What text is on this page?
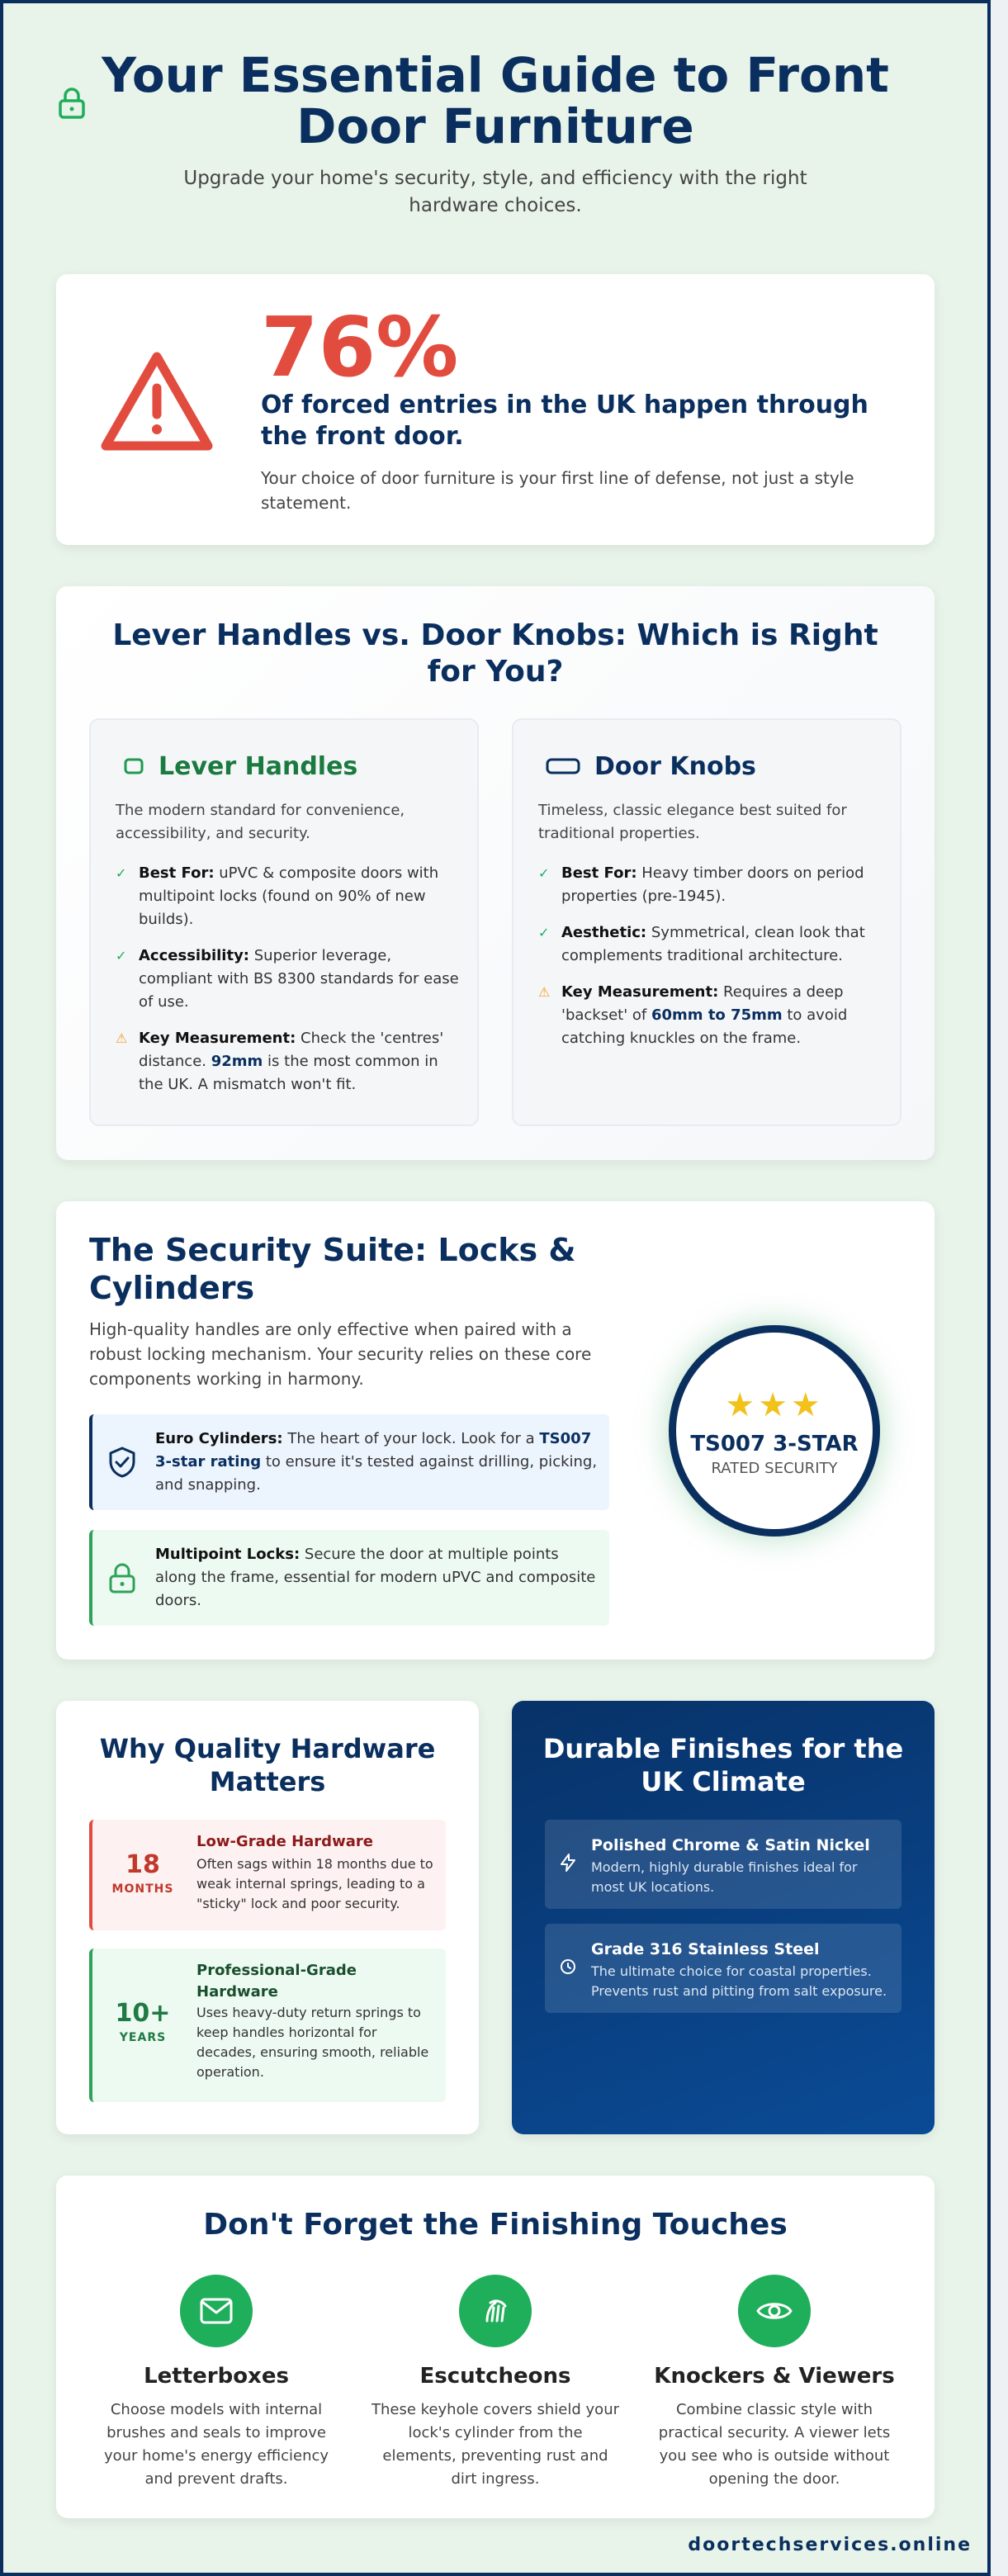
Your Essential Guide to Front Door Furniture

Upgrade your home's security, style, and efficiency with the right hardware choices.

76%
Of forced entries in the UK happen through the front door.
Your choice of door furniture is your first line of defense, not just a style statement.
Lever Handles vs. Door Knobs: Which is Right for You?
Lever Handles

The modern standard for convenience, accessibility, and security.

✓ Best For: uPVC & composite doors with multipoint locks (found on 90% of new builds).
✓ Accessibility: Superior leverage, compliant with BS 8300 standards for ease of use.
⚠ Key Measurement: Check the 'centres' distance. 92mm is the most common in the UK. A mismatch won't fit.
Door Knobs

Timeless, classic elegance best suited for traditional properties.

✓ Best For: Heavy timber doors on period properties (pre-1945).
✓ Aesthetic: Symmetrical, clean look that complements traditional architecture.
⚠ Key Measurement: Requires a deep 'backset' of 60mm to 75mm to avoid catching knuckles on the frame.
The Security Suite: Locks & Cylinders

High-quality handles are only effective when paired with a robust locking mechanism. Your security relies on these core components working in harmony.

Euro Cylinders: The heart of your lock. Look for a TS007 3-star rating to ensure it's tested against drilling, picking, and snapping.
Multipoint Locks: Secure the door at multiple points along the frame, essential for modern uPVC and composite doors.
★★★
TS007 3-STAR
RATED SECURITY
Why Quality Hardware Matters
18
MONTHS
Low-Grade Hardware
Often sags within 18 months due to weak internal springs, leading to a "sticky" lock and poor security.
10+
YEARS
Professional-Grade Hardware
Uses heavy-duty return springs to keep handles horizontal for decades, ensuring smooth, reliable operation.
Durable Finishes for the UK Climate
Polished Chrome & Satin Nickel
Modern, highly durable finishes ideal for most UK locations.
Grade 316 Stainless Steel
The ultimate choice for coastal properties. Prevents rust and pitting from salt exposure.
Don't Forget the Finishing Touches
Letterboxes
Choose models with internal brushes and seals to improve your home's energy efficiency and prevent drafts.
Escutcheons
These keyhole covers shield your lock's cylinder from the elements, preventing rust and dirt ingress.
Knockers & Viewers
Combine classic style with practical security. A viewer lets you see who is outside without opening the door.
doortechservices.online
